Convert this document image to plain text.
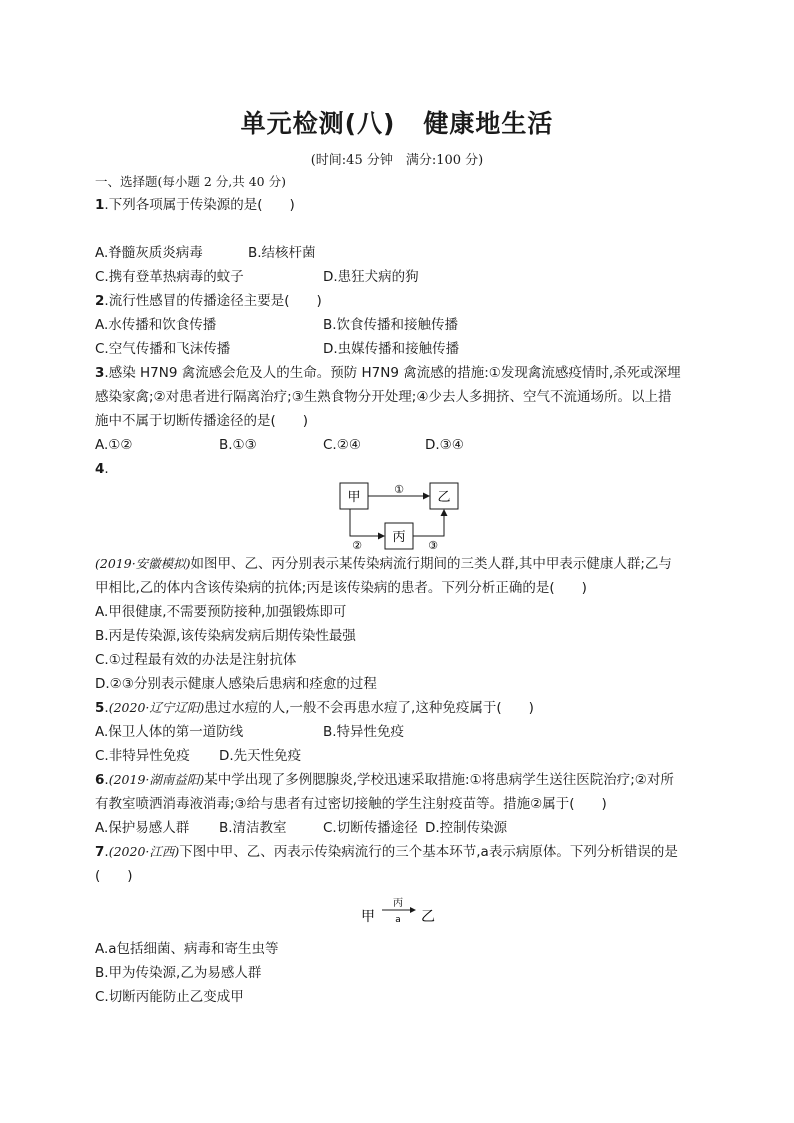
单元检测(八) 健康地生活
(时间:45 分钟　满分:100 分)
一、选择题(每小题 2 分,共 40 分)
1.下列各项属于传染源的是(　　)
A.脊髓灰质炎病毒	B.结核杆菌
C.携有登革热病毒的蚊子	D.患狂犬病的狗
2.流行性感冒的传播途径主要是(　　)
A.水传播和饮食传播	B.饮食传播和接触传播
C.空气传播和飞沫传播	D.虫媒传播和接触传播
3.感染 H7N9 禽流感会危及人的生命。预防 H7N9 禽流感的措施:①发现禽流感疫情时,杀死或深埋
感染家禽;②对患者进行隔离治疗;③生熟食物分开处理;④少去人多拥挤、空气不流通场所。以上措
施中不属于切断传播途径的是(　　)
A.①②	B.①③	C.②④	D.③④
4.
甲	乙
丙
①
②	③
(2019·安徽模拟)如图甲、乙、丙分别表示某传染病流行期间的三类人群,其中甲表示健康人群;乙与
甲相比,乙的体内含该传染病的抗体;丙是该传染病的患者。下列分析正确的是(　　)
A.甲很健康,不需要预防接种,加强锻炼即可
B.丙是传染源,该传染病发病后期传染性最强
C.①过程最有效的办法是注射抗体
D.②③分别表示健康人感染后患病和痊愈的过程
5.(2020·辽宁辽阳)患过水痘的人,一般不会再患水痘了,这种免疫属于(　　)
A.保卫人体的第一道防线	B.特异性免疫
C.非特异性免疫 D.先天性免疫
6.(2019·湖南益阳)某中学出现了多例腮腺炎,学校迅速采取措施:①将患病学生送往医院治疗;②对所
有教室喷洒消毒液消毒;③给与患者有过密切接触的学生注射疫苗等。措施②属于(　　)
A.保护易感人群 B.清洁教室	C.切断传播途径 D.控制传染源
7.(2020·江西)下图中甲、乙、丙表示传染病流行的三个基本环节,a表示病原体。下列分析错误的是
(　　)
甲
丙
a 乙
A.a包括细菌、病毒和寄生虫等
B.甲为传染源,乙为易感人群
C.切断丙能防止乙变成甲
